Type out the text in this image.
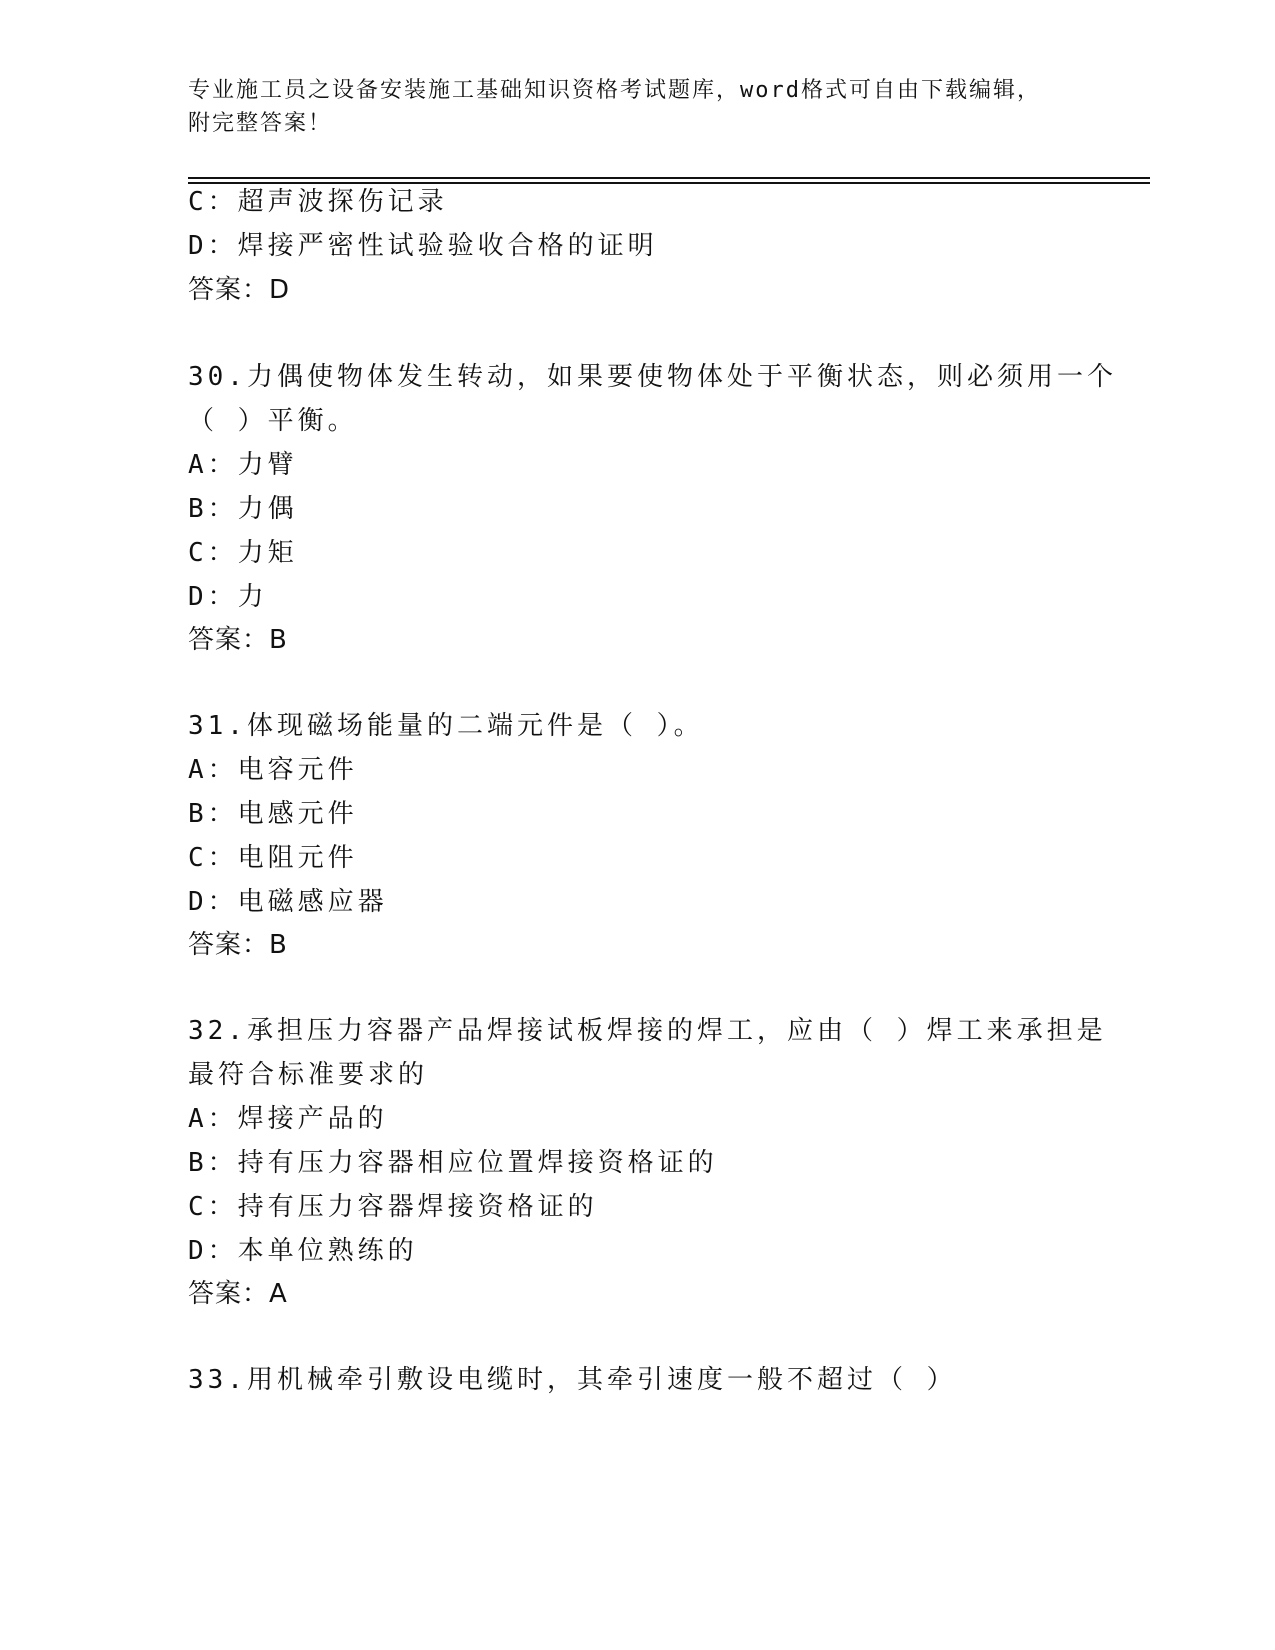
专业施工员之设备安装施工基础知识资格考试题库，word格式可自由下载编辑，
附完整答案！
C：超声波探伤记录
D：焊接严密性试验验收合格的证明
答案：D
30.力偶使物体发生转动，如果要使物体处于平衡状态，则必须用一个
（ ）平衡。
A：力臂
B：力偶
C：力矩
D：力
答案：B
31.体现磁场能量的二端元件是（ ）。
A：电容元件
B：电感元件
C：电阻元件
D：电磁感应器
答案：B
32.承担压力容器产品焊接试板焊接的焊工，应由（ ）焊工来承担是
最符合标准要求的
A：焊接产品的
B：持有压力容器相应位置焊接资格证的
C：持有压力容器焊接资格证的
D：本单位熟练的
答案：A
33.用机械牵引敷设电缆时，其牵引速度一般不超过（ ）
